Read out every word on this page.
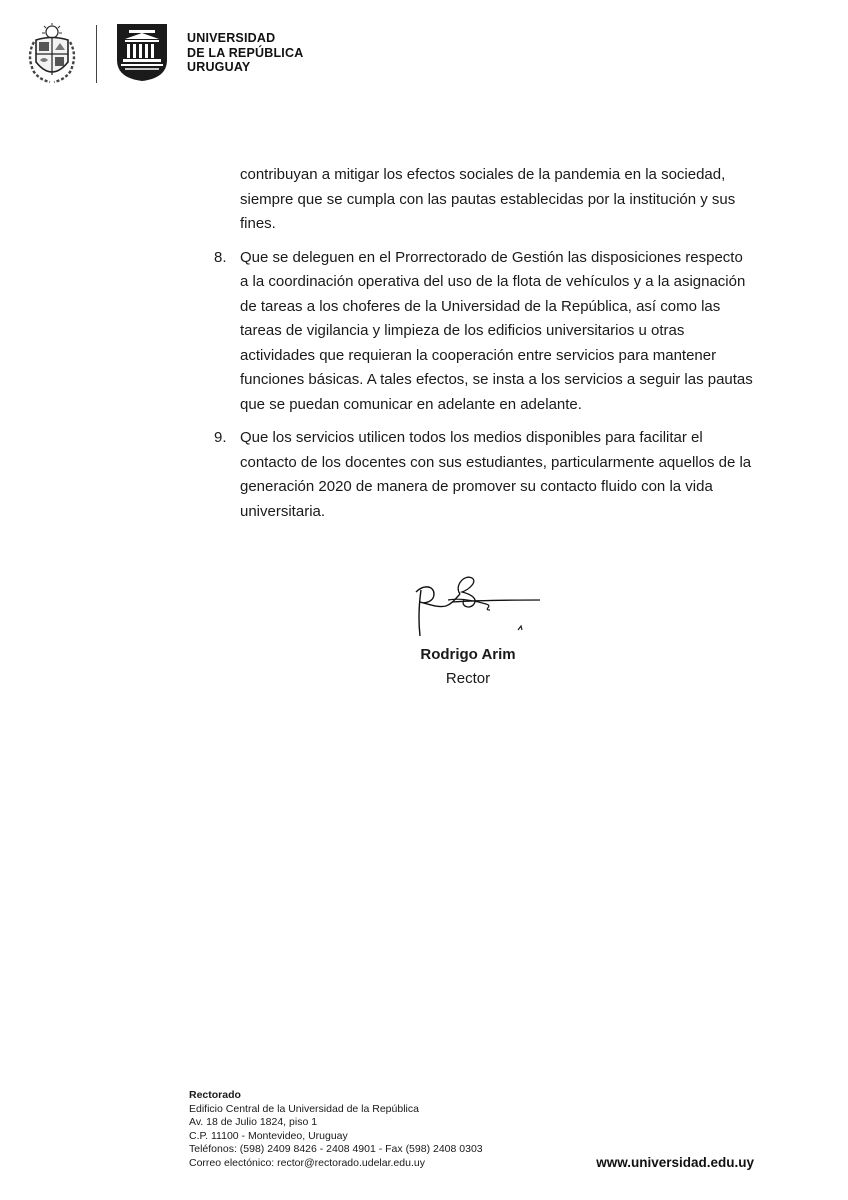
UNIVERSIDAD
DE LA REPÚBLICA
URUGUAY
contribuyan a mitigar los efectos sociales de la pandemia en la sociedad, siempre que se cumpla con las pautas establecidas por la institución y sus fines.
8. Que se deleguen en el Prorrectorado de Gestión las disposiciones respecto a la coordinación operativa del uso de la flota de vehículos y a la asignación de tareas a los choferes de la Universidad de la República, así como las tareas de vigilancia y limpieza de los edificios universitarios u otras actividades que requieran la cooperación entre servicios para mantener funciones básicas. A tales efectos, se insta a los servicios a seguir las pautas que se puedan comunicar en adelante en adelante.
9. Que los servicios utilicen todos los medios disponibles para facilitar el contacto de los docentes con sus estudiantes, particularmente aquellos de la generación 2020 de manera de promover su contacto fluido con la vida universitaria.
Rodrigo Arim
Rector
Rectorado
Edificio Central de la Universidad de la República
Av. 18 de Julio 1824, piso 1
C.P. 11100 - Montevideo, Uruguay
Teléfonos: (598) 2409 8426 - 2408 4901 - Fax (598) 2408 0303
Correo electónico: rector@rectorado.udelar.edu.uy	www.universidad.edu.uy
